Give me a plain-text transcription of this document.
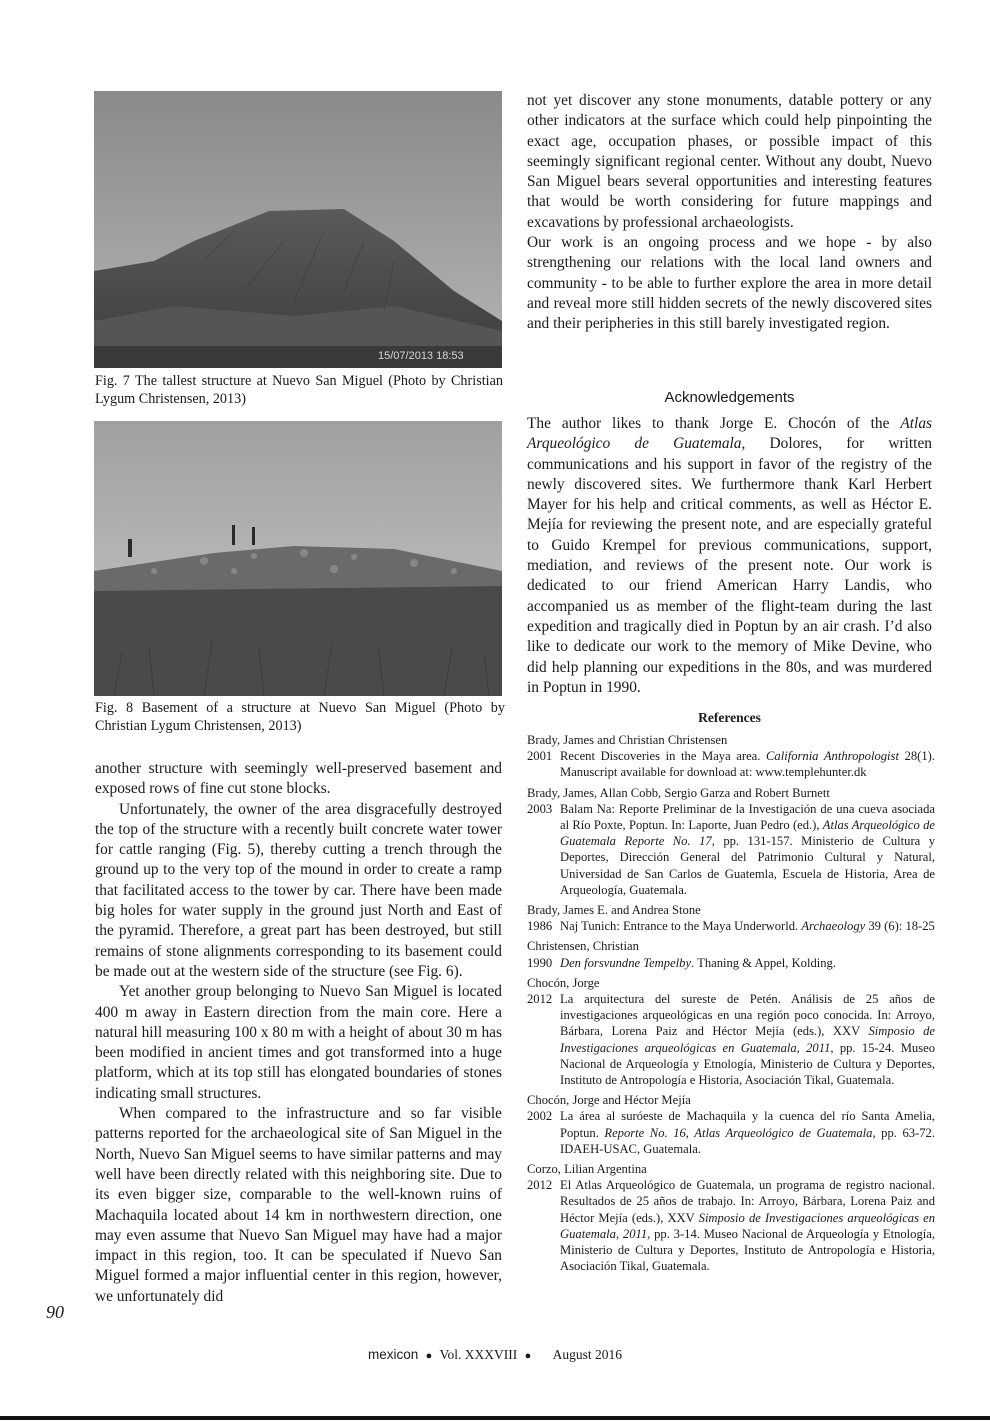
15/07/2013 18:53
Fig. 7 The tallest structure at Nuevo San Miguel (Photo by Christian Lygum Christensen, 2013)
Fig. 8 Basement of a structure at Nuevo San Miguel (Photo by Christian Lygum Christensen, 2013)

another structure with seemingly well-preserved basement and exposed rows of fine cut stone blocks.

Unfortunately, the owner of the area disgracefully destroyed the top of the structure with a recently built concrete water tower for cattle ranging (Fig. 5), thereby cutting a trench through the ground up to the very top of the mound in order to create a ramp that facilitated access to the tower by car. There have been made big holes for water supply in the ground just North and East of the pyramid. Therefore, a great part has been destroyed, but still remains of stone alignments corresponding to its basement could be made out at the western side of the structure (see Fig. 6).

Yet another group belonging to Nuevo San Miguel is located 400 m away in Eastern direction from the main core. Here a natural hill measuring 100 x 80 m with a height of about 30 m has been modified in ancient times and got transformed into a huge platform, which at its top still has elongated boundaries of stones indicating small structures.

When compared to the infrastructure and so far visible patterns reported for the archaeological site of San Miguel in the North, Nuevo San Miguel seems to have similar patterns and may well have been directly related with this neighboring site. Due to its even bigger size, comparable to the well-known ruins of Machaquila located about 14 km in northwestern direction, one may even assume that Nuevo San Miguel may have had a major impact in this region, too. It can be speculated if Nuevo San Miguel formed a major influential center in this region, however, we unfortunately did

not yet discover any stone monuments, datable pottery or any other indicators at the surface which could help pinpointing the exact age, occupation phases, or possible impact of this seemingly significant regional center. Without any doubt, Nuevo San Miguel bears several opportunities and interesting features that would be worth considering for future mappings and excavations by professional archaeologists.

Our work is an ongoing process and we hope - by also strengthening our relations with the local land owners and community - to be able to further explore the area in more detail and reveal more still hidden secrets of the newly discovered sites and their peripheries in this still barely investigated region.

Acknowledgements

The author likes to thank Jorge E. Chocón of the Atlas Arqueológico de Guatemala, Dolores, for written communications and his support in favor of the registry of the newly discovered sites. We furthermore thank Karl Herbert Mayer for his help and critical comments, as well as Héctor E. Mejía for reviewing the present note, and are especially grateful to Guido Krempel for previous communications, support, mediation, and reviews of the present note. Our work is dedicated to our friend American Harry Landis, who accompanied us as member of the flight-team during the last expedition and tragically died in Poptun by an air crash. I’d also like to dedicate our work to the memory of Mike Devine, who did help planning our expeditions in the 80s, and was murdered in Poptun in 1990.

References
Brady, James and Christian Christensen
2001 Recent Discoveries in the Maya area. California Anthropologist 28(1). Manuscript available for download at: www.templehunter.dk
Brady, James, Allan Cobb, Sergio Garza and Robert Burnett
2003 Balam Na: Reporte Preliminar de la Investigación de una cueva asociada al Río Poxte, Poptun. In: Laporte, Juan Pedro (ed.), Atlas Arqueológico de Guatemala Reporte No. 17, pp. 131-157. Ministerio de Cultura y Deportes, Dirección General del Patrimonio Cultural y Natural, Universidad de San Carlos de Guatemla, Escuela de Historia, Area de Arqueología, Guatemala.
Brady, James E. and Andrea Stone
1986 Naj Tunich: Entrance to the Maya Underworld. Archaeology 39 (6): 18-25
Christensen, Christian
1990 Den forsvundne Tempelby. Thaning & Appel, Kolding.
Chocón, Jorge
2012 La arquitectura del sureste de Petén. Análisis de 25 años de investigaciones arqueológicas en una región poco conocida. In: Arroyo, Bárbara, Lorena Paiz and Héctor Mejía (eds.), XXV Simposio de Investigaciones arqueológicas en Guatemala, 2011, pp. 15-24. Museo Nacional de Arqueología y Etnología, Ministerio de Cultura y Deportes, Instituto de Antropología e Historia, Asociación Tikal, Guatemala.
Chocón, Jorge and Héctor Mejía
2002 La área al suróeste de Machaquila y la cuenca del río Santa Amelia, Poptun. Reporte No. 16, Atlas Arqueológico de Guatemala, pp. 63-72. IDAEH-USAC, Guatemala.
Corzo, Lilian Argentina
2012 El Atlas Arqueológico de Guatemala, un programa de registro nacional. Resultados de 25 años de trabajo. In: Arroyo, Bárbara, Lorena Paiz and Héctor Mejía (eds.), XXV Simposio de Investigaciones arqueológicas en Guatemala, 2011, pp. 3-14. Museo Nacional de Arqueología y Etnología, Ministerio de Cultura y Deportes, Instituto de Antropología e Historia, Asociación Tikal, Guatemala.
90
mexicon ● Vol. XXXVIII ● August 2016
